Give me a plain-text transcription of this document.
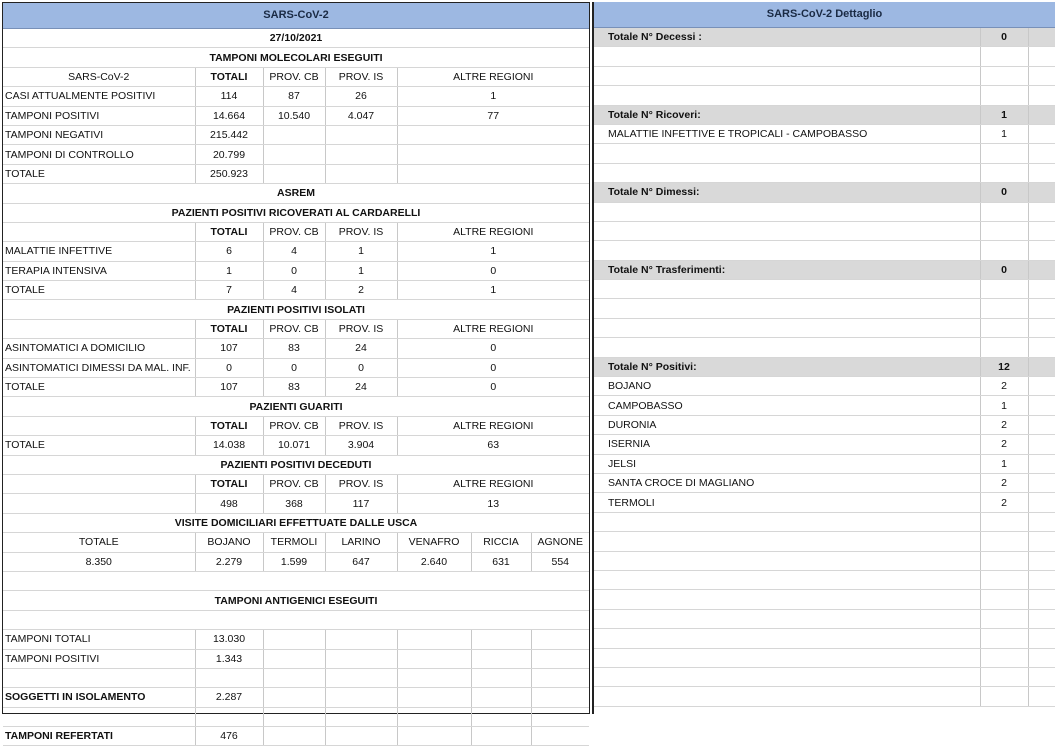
SARS-CoV-2
27/10/2021						
TAMPONI MOLECOLARI ESEGUITI						
SARS-CoV-2	TOTALI	PROV. CB	PROV. IS	ALTRE REGIONI		
CASI ATTUALMENTE POSITIVI	114	87	26	1		
TAMPONI POSITIVI	14.664	10.540	4.047	77		
TAMPONI NEGATIVI	215.442					
TAMPONI DI CONTROLLO	20.799					
TOTALE	250.923					
ASREM						
PAZIENTI POSITIVI RICOVERATI AL CARDARELLI						
	TOTALI	PROV. CB	PROV. IS	ALTRE REGIONI		
MALATTIE INFETTIVE	6	4	1	1		
TERAPIA INTENSIVA	1	0	1	0		
TOTALE	7	4	2	1		
PAZIENTI POSITIVI ISOLATI						
	TOTALI	PROV. CB	PROV. IS	ALTRE REGIONI		
ASINTOMATICI A DOMICILIO	107	83	24	0		
ASINTOMATICI DIMESSI DA MAL. INF.	0	0	0	0		
TOTALE	107	83	24	0		
PAZIENTI GUARITI						
	TOTALI	PROV. CB	PROV. IS	ALTRE REGIONI		
TOTALE	14.038	10.071	3.904	63		
PAZIENTI POSITIVI DECEDUTI						
	TOTALI	PROV. CB	PROV. IS	ALTRE REGIONI		
	498	368	117	13		
VISITE DOMICILIARI EFFETTUATE DALLE USCA						
TOTALE	BOJANO	TERMOLI	LARINO	VENAFRO	RICCIA	AGNONE
8.350	2.279	1.599	647	2.640	631	554

TAMPONI ANTIGENICI ESEGUITI						

TAMPONI TOTALI	13.030					
TAMPONI POSITIVI	1.343					

SOGGETTI IN ISOLAMENTO	2.287					

TAMPONI REFERTATI	476					
SARS-CoV-2 Dettaglio
Totale N° Decessi :	0	

Totale N° Ricoveri:	1	
MALATTIE INFETTIVE E TROPICALI - CAMPOBASSO	1	

Totale N° Dimessi:	0	

Totale N° Trasferimenti:	0	

Totale N° Positivi:	12	
BOJANO	2	
CAMPOBASSO	1	
DURONIA	2	
ISERNIA	2	
JELSI	1	
SANTA CROCE DI MAGLIANO	2	
TERMOLI	2	
